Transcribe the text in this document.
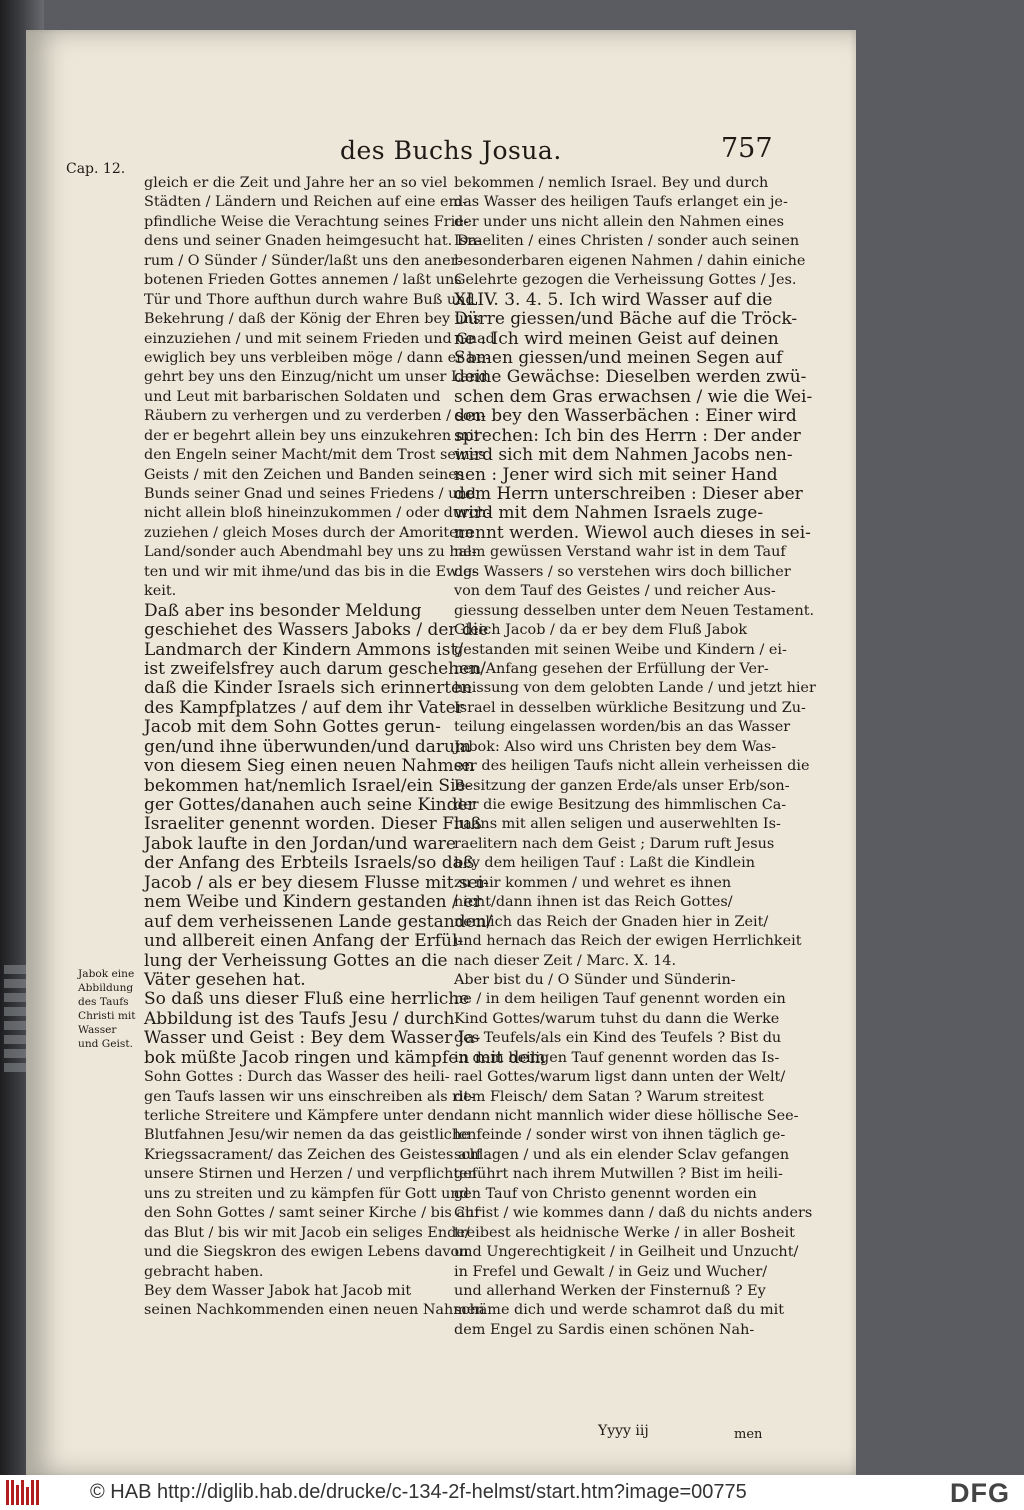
Cap. 12.
des Buchs Josua.	757
gleich er die Zeit und Jahre her an so viel
Städten / Ländern und Reichen auf eine em-
pfindliche Weise die Verachtung seines Frie-
dens und seiner Gnaden heimgesucht hat. Da-
rum / O Sünder / Sünder/laßt uns den aner-
botenen Frieden Gottes annemen / laßt uns
Tür und Thore aufthun durch wahre Buß und
Bekehrung / daß der König der Ehren bey uns
einzuziehen / und mit seinem Frieden und Gnad
ewiglich bey uns verbleiben möge / dann er be-
gehrt bey uns den Einzug/nicht um unser Land
und Leut mit barbarischen Soldaten und
Räubern zu verhergen und zu verderben / son-
der er begehrt allein bey uns einzukehren mit
den Engeln seiner Macht/mit dem Trost seines
Geists / mit den Zeichen und Banden seines
Bunds seiner Gnad und seines Friedens / und
nicht allein bloß hineinzukommen / oder durch-
zuziehen / gleich Moses durch der Amoritern
Land/sonder auch Abendmahl bey uns zu hal-
ten und wir mit ihme/und das bis in die Ewig-
keit.
Daß aber ins besonder Meldung
geschiehet des Wassers Jaboks / der die
Landmarch der Kindern Ammons ist/
ist zweifelsfrey auch darum geschehen/
daß die Kinder Israels sich erinnerten
des Kampfplatzes / auf dem ihr Vater
Jacob mit dem Sohn Gottes gerun-
gen/und ihne überwunden/und darum
von diesem Sieg einen neuen Nahmen
bekommen hat/nemlich Israel/ein Sie-
ger Gottes/danahen auch seine Kinder
Israeliter genennt worden. Dieser Fluß
Jabok laufte in den Jordan/und ware
der Anfang des Erbteils Israels/so daß
Jacob / als er bey diesem Flusse mit sei-
nem Weibe und Kindern gestanden / er
auf dem verheissenen Lande gestanden/
und allbereit einen Anfang der Erfül-
lung der Verheissung Gottes an die
Väter gesehen hat.
So daß uns dieser Fluß eine herrliche
Abbildung ist des Taufs Jesu / durch
Wasser und Geist : Bey dem Wasser Ja-
bok müßte Jacob ringen und kämpfen mit dem
Sohn Gottes : Durch das Wasser des heili-
gen Taufs lassen wir uns einschreiben als rit-
terliche Streitere und Kämpfere unter den
Blutfahnen Jesu/wir nemen da das geistliche
Kriegssacrament/ das Zeichen des Geistes auf
unsere Stirnen und Herzen / und verpflichten
uns zu streiten und zu kämpfen für Gott und
den Sohn Gottes / samt seiner Kirche / bis auf
das Blut / bis wir mit Jacob ein seliges Ende/
und die Siegskron des ewigen Lebens davon
gebracht haben.
Bey dem Wasser Jabok hat Jacob mit
seinen Nachkommenden einen neuen Nahmen
bekommen / nemlich Israel. Bey und durch
das Wasser des heiligen Taufs erlanget ein je-
der under uns nicht allein den Nahmen eines
Israeliten / eines Christen / sonder auch seinen
besonderbaren eigenen Nahmen / dahin einiche
Gelehrte gezogen die Verheissung Gottes / Jes.
XLIV. 3. 4. 5. Ich wird Wasser auf die
Dürre giessen/und Bäche auf die Tröck-
ne : Ich wird meinen Geist auf deinen
Samen giessen/und meinen Segen auf
deine Gewächse: Dieselben werden zwü-
schen dem Gras erwachsen / wie die Wei-
den bey den Wasserbächen : Einer wird
sprechen: Ich bin des Herrn : Der ander
wird sich mit dem Nahmen Jacobs nen-
nen : Jener wird sich mit seiner Hand
dem Herrn unterschreiben : Dieser aber
wird mit dem Nahmen Israels zuge-
nennt werden. Wiewol auch dieses in sei-
nem gewüssen Verstand wahr ist in dem Tauf
des Wassers / so verstehen wirs doch billicher
von dem Tauf des Geistes / und reicher Aus-
giessung desselben unter dem Neuen Testament.
Gleich Jacob / da er bey dem Fluß Jabok
gestanden mit seinen Weibe und Kindern / ei-
nen Anfang gesehen der Erfüllung der Ver-
heissung von dem gelobten Lande / und jetzt hier
Israel in desselben würkliche Besitzung und Zu-
teilung eingelassen worden/bis an das Wasser
Jabok: Also wird uns Christen bey dem Was-
ser des heiligen Taufs nicht allein verheissen die
Besitzung der ganzen Erde/als unser Erb/son-
der die ewige Besitzung des himmlischen Ca-
naans mit allen seligen und auserwehlten Is-
raelitern nach dem Geist ; Darum ruft Jesus
bey dem heiligen Tauf : Laßt die Kindlein
zu mir kommen / und wehret es ihnen
nicht/dann ihnen ist das Reich Gottes/
nemlich das Reich der Gnaden hier in Zeit/
und hernach das Reich der ewigen Herrlichkeit
nach dieser Zeit / Marc. X. 14.
Aber bist du / O Sünder und Sünderin-
ne / in dem heiligen Tauf genennt worden ein
Kind Gottes/warum tuhst du dann die Werke
des Teufels/als ein Kind des Teufels ? Bist du
in dem heiligen Tauf genennt worden das Is-
rael Gottes/warum ligst dann unten der Welt/
dem Fleisch/ dem Satan ? Warum streitest
dann nicht mannlich wider diese höllische See-
lenfeinde / sonder wirst von ihnen täglich ge-
schlagen / und als ein elender Sclav gefangen
geführt nach ihrem Mutwillen ? Bist im heili-
gen Tauf von Christo genennt worden ein
Christ / wie kommes dann / daß du nichts anders
treibest als heidnische Werke / in aller Bosheit
und Ungerechtigkeit / in Geilheit und Unzucht/
in Frefel und Gewalt / in Geiz und Wucher/
und allerhand Werken der Finsternuß ? Ey
schäme dich und werde schamrot daß du mit
dem Engel zu Sardis einen schönen Nah-
Jabok eine
Abbildung
des Taufs
Christi mit
Wasser
und Geist.
Yyyy iij	men
© HAB http://diglib.hab.de/drucke/c-134-2f-helmst/start.htm?image=00775	DFG
